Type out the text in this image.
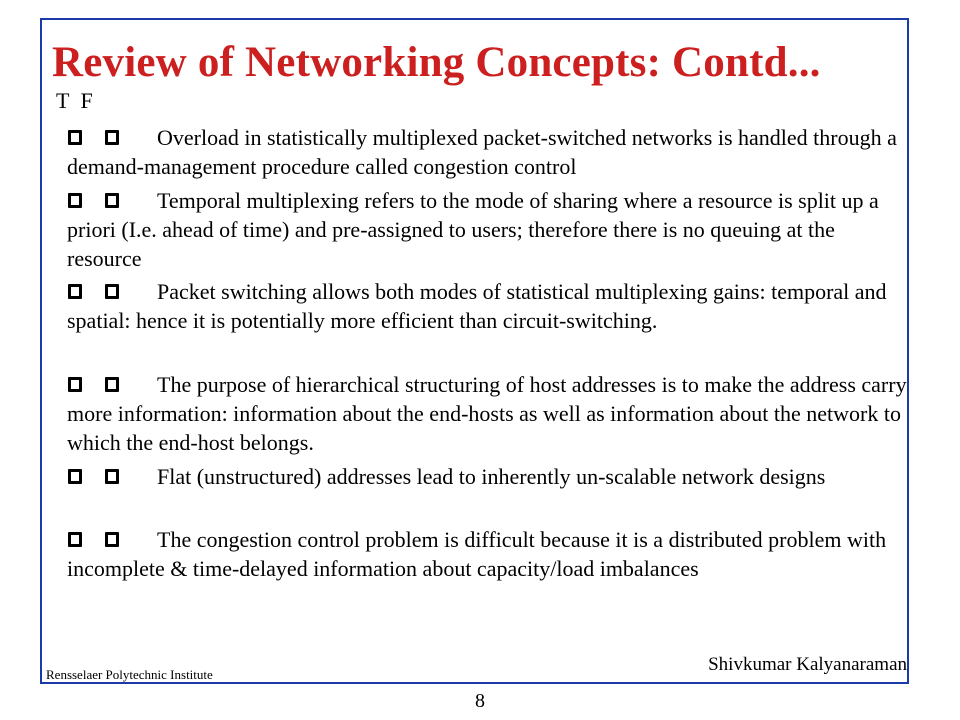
Review of Networking Concepts: Contd...
T F

Overload in statistically multiplexed packet-switched networks is handled through a demand-management procedure called congestion control

Temporal multiplexing refers to the mode of sharing where a resource is split up a priori (I.e. ahead of time) and pre-assigned to users; therefore there is no queuing at the resource

Packet switching allows both modes of statistical multiplexing gains: temporal and spatial: hence it is potentially more efficient than circuit-switching.

The purpose of hierarchical structuring of host addresses is to make the address carry more information: information about the end-hosts as well as information about the network to which the end-host belongs.

Flat (unstructured) addresses lead to inherently un-scalable network designs

The congestion control problem is difficult because it is a distributed problem with incomplete & time-delayed information about capacity/load imbalances

Rensselaer Polytechnic Institute	Shivkumar Kalyanaraman
8
